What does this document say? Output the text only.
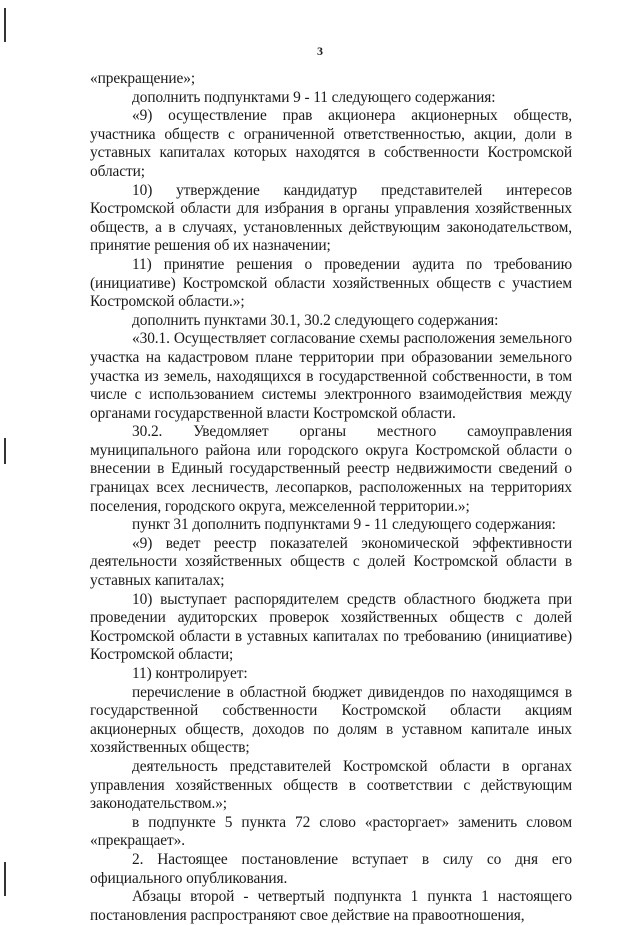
3

«прекращение»;

дополнить подпунктами 9 - 11 следующего содержания:

«9) осуществление прав акционера акционерных обществ, участника обществ с ограниченной ответственностью, акции, доли в уставных капиталах которых находятся в собственности Костромской области;

10) утверждение кандидатур представителей интересов Костромской области для избрания в органы управления хозяйственных обществ, а в случаях, установленных действующим законодательством, принятие решения об их назначении;

11) принятие решения о проведении аудита по требованию (инициативе) Костромской области хозяйственных обществ с участием Костромской области.»;

дополнить пунктами 30.1, 30.2 следующего содержания:

«30.1. Осуществляет согласование схемы расположения земельного участка на кадастровом плане территории при образовании земельного участка из земель, находящихся в государственной собственности, в том числе с использованием системы электронного взаимодействия между органами государственной власти Костромской области.

30.2. Уведомляет органы местного самоуправления муниципального района или городского округа Костромской области о внесении в Единый государственный реестр недвижимости сведений о границах всех лесничеств, лесопарков, расположенных на территориях поселения, городского округа, межселенной территории.»;

пункт 31 дополнить подпунктами 9 - 11 следующего содержания:

«9) ведет реестр показателей экономической эффективности деятельности хозяйственных обществ с долей Костромской области в уставных капиталах;

10) выступает распорядителем средств областного бюджета при проведении аудиторских проверок хозяйственных обществ с долей Костромской области в уставных капиталах по требованию (инициативе) Костромской области;

11) контролирует:

перечисление в областной бюджет дивидендов по находящимся в государственной собственности Костромской области акциям акционерных обществ, доходов по долям в уставном капитале иных хозяйственных обществ;

деятельность представителей Костромской области в органах управления хозяйственных обществ в соответствии с действующим законодательством.»;

в подпункте 5 пункта 72 слово «расторгает» заменить словом «прекращает».

2. Настоящее постановление вступает в силу со дня его официального опубликования.

Абзацы второй - четвертый подпункта 1 пункта 1 настоящего постановления распространяют свое действие на правоотношения,
